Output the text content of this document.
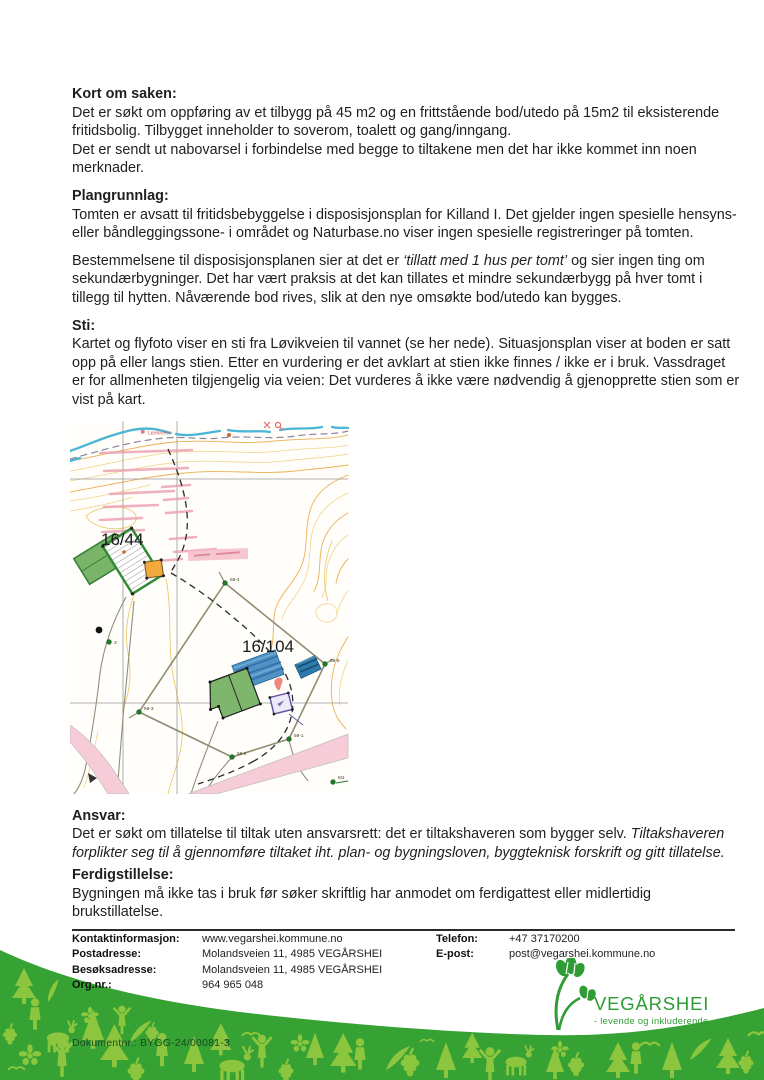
Kort om saken:
Det er søkt om oppføring av et tilbygg på 45 m2 og en frittstående bod/utedo på 15m2 til eksisterende
fritidsbolig. Tilbygget inneholder to soverom, toalett og gang/inngang.
Det er sendt ut nabovarsel i forbindelse med begge to tiltakene men det har ikke kommet inn noen
merknader.
Plangrunnlag:
Tomten er avsatt til fritidsbebyggelse i disposisjonsplan for Killand I. Det gjelder ingen spesielle hensyns-
eller båndleggingssone- i området og Naturbase.no viser ingen spesielle registreringer på tomten.
Bestemmelsene til disposisjonsplanen sier at det er ‘tillatt med 1 hus per tomt’ og sier ingen ting om
sekundærbygninger. Det har vært praksis at det kan tillates et mindre sekundærbygg på hver tomt i
tillegg til hytten. Nåværende bod rives, slik at den nye omsøkte bod/utedo kan bygges.
Sti:
Kartet og flyfoto viser en sti fra Løvikveien til vannet (se her nede). Situasjonsplan viser at boden er satt
opp på eller langs stien. Etter en vurdering er det avklart at stien ikke finnes / ikke er i bruk. Vassdraget
er for allmenheten tilgjengelig via veien: Det vurderes å ikke være nødvendig å gjenopprette stien som er
vist på kart.
Løvikveien
16/44
16/104
59-4
59-5
59-3
59-1
59-2
M1
3
Ansvar:
Det er søkt om tillatelse til tiltak uten ansvarsrett: det er tiltakshaveren som bygger selv. Tiltakshaveren
forplikter seg til å gjennomføre tiltaket iht. plan- og bygningsloven, byggteknisk forskrift og gitt tillatelse.
Ferdigstillelse:
Bygningen må ikke tas i bruk før søker skriftlig har anmodet om ferdigattest eller midlertidig
brukstillatelse.
Kontaktinformasjon: www.vegarshei.kommune.no	Telefon:	+47 37170200
Postadresse:	Molandsveien 11, 4985 VEGÅRSHEI	E-post:	post@vegarshei.kommune.no
Besøksadresse:	Molandsveien 11, 4985 VEGÅRSHEI
Org.nr.:	964 965 048
VEGÅRSHEI
- levende og inkluderende
Dokumentnr.: BYGG-24/00081-3
